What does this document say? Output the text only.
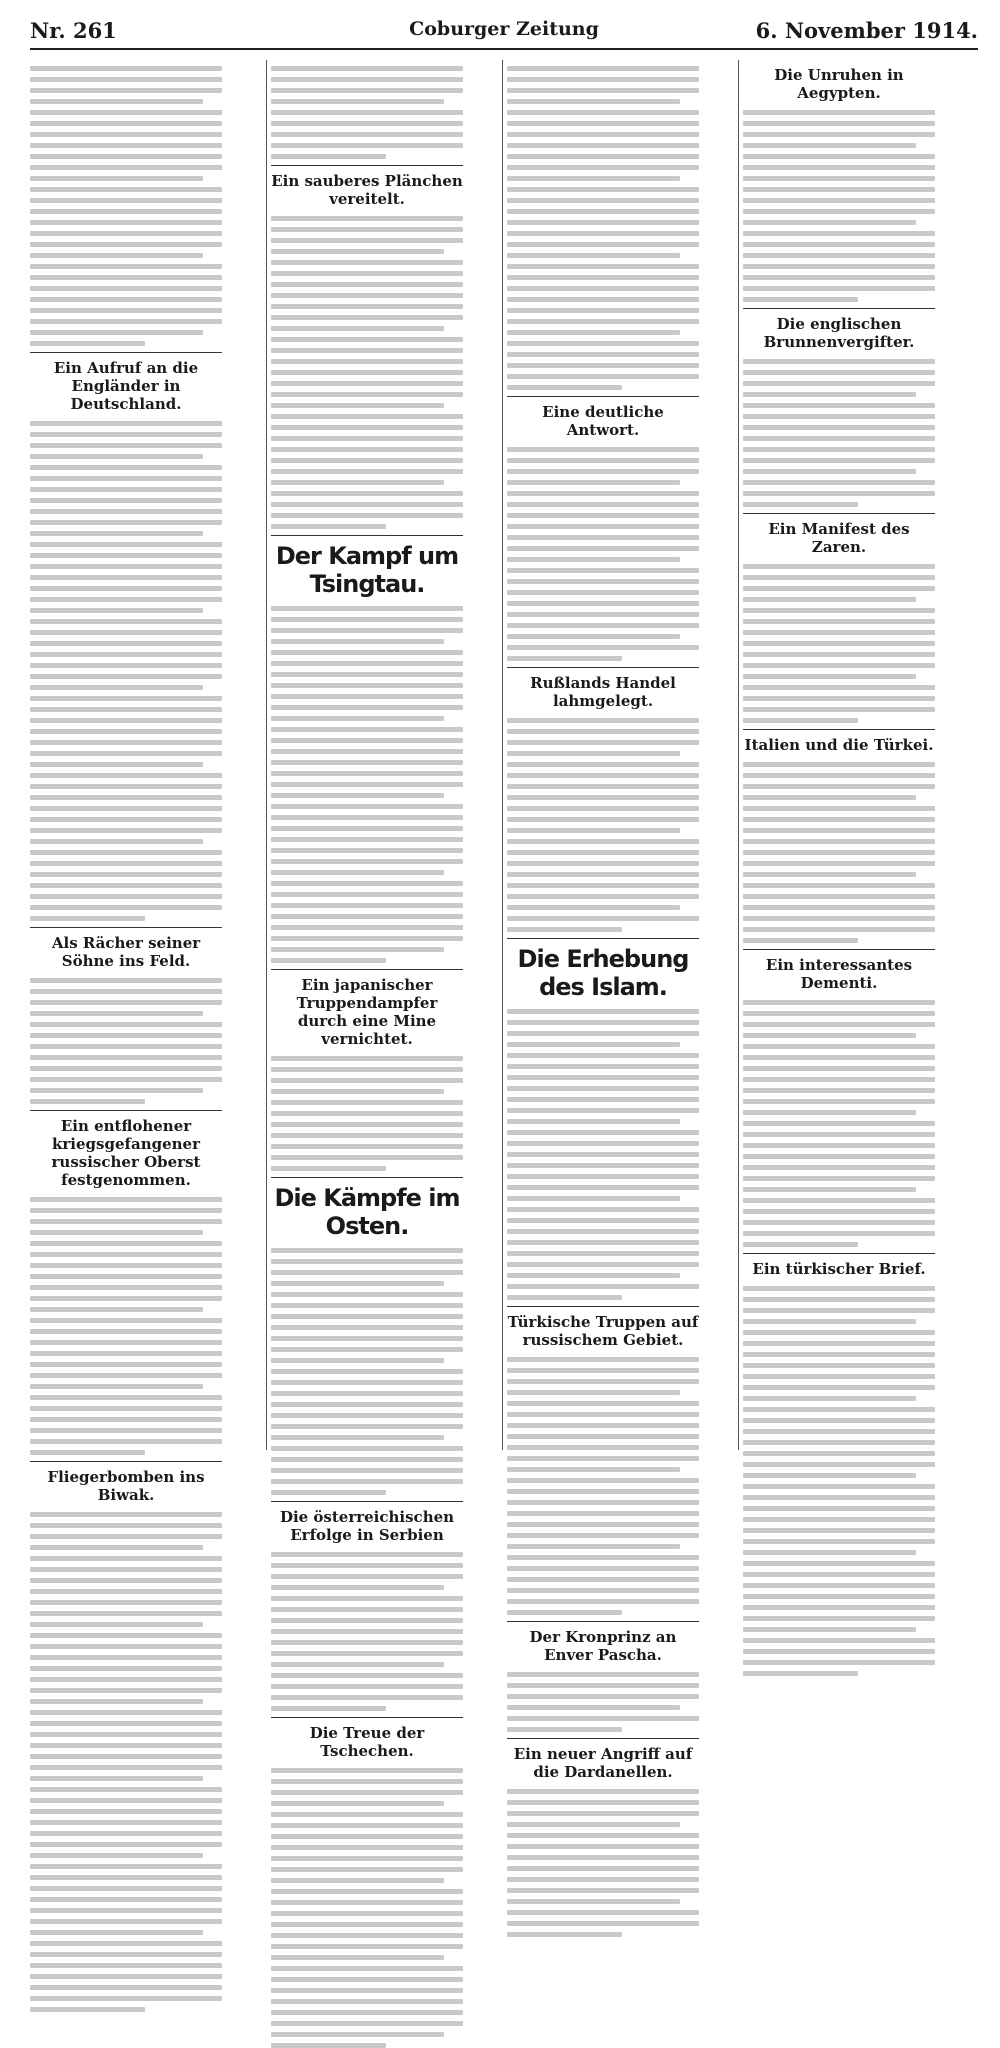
Nr. 261	Coburger Zeitung	6. November 1914.
Ein Aufruf an die Engländer in Deutschland.
Als Rächer seiner Söhne ins Feld.
Ein entflohener kriegsgefangener russischer Oberst festgenommen.
Fliegerbomben ins Biwak.
Ein sauberes Plänchen vereitelt.
Der Kampf um Tsingtau.
Ein japanischer Truppendampfer durch eine Mine vernichtet.
Die Kämpfe im Osten.
Die österreichischen Erfolge in Serbien
Die Treue der Tschechen.
Eine deutliche Antwort.
Rußlands Handel lahmgelegt.
Die Erhebung des Islam.
Türkische Truppen auf russischem Gebiet.
Der Kronprinz an Enver Pascha.
Ein neuer Angriff auf die Dardanellen.
Die Unruhen in Aegypten.
Die englischen Brunnenvergifter.
Ein Manifest des Zaren.
Italien und die Türkei.
Ein interessantes Dementi.
Ein türkischer Brief.
